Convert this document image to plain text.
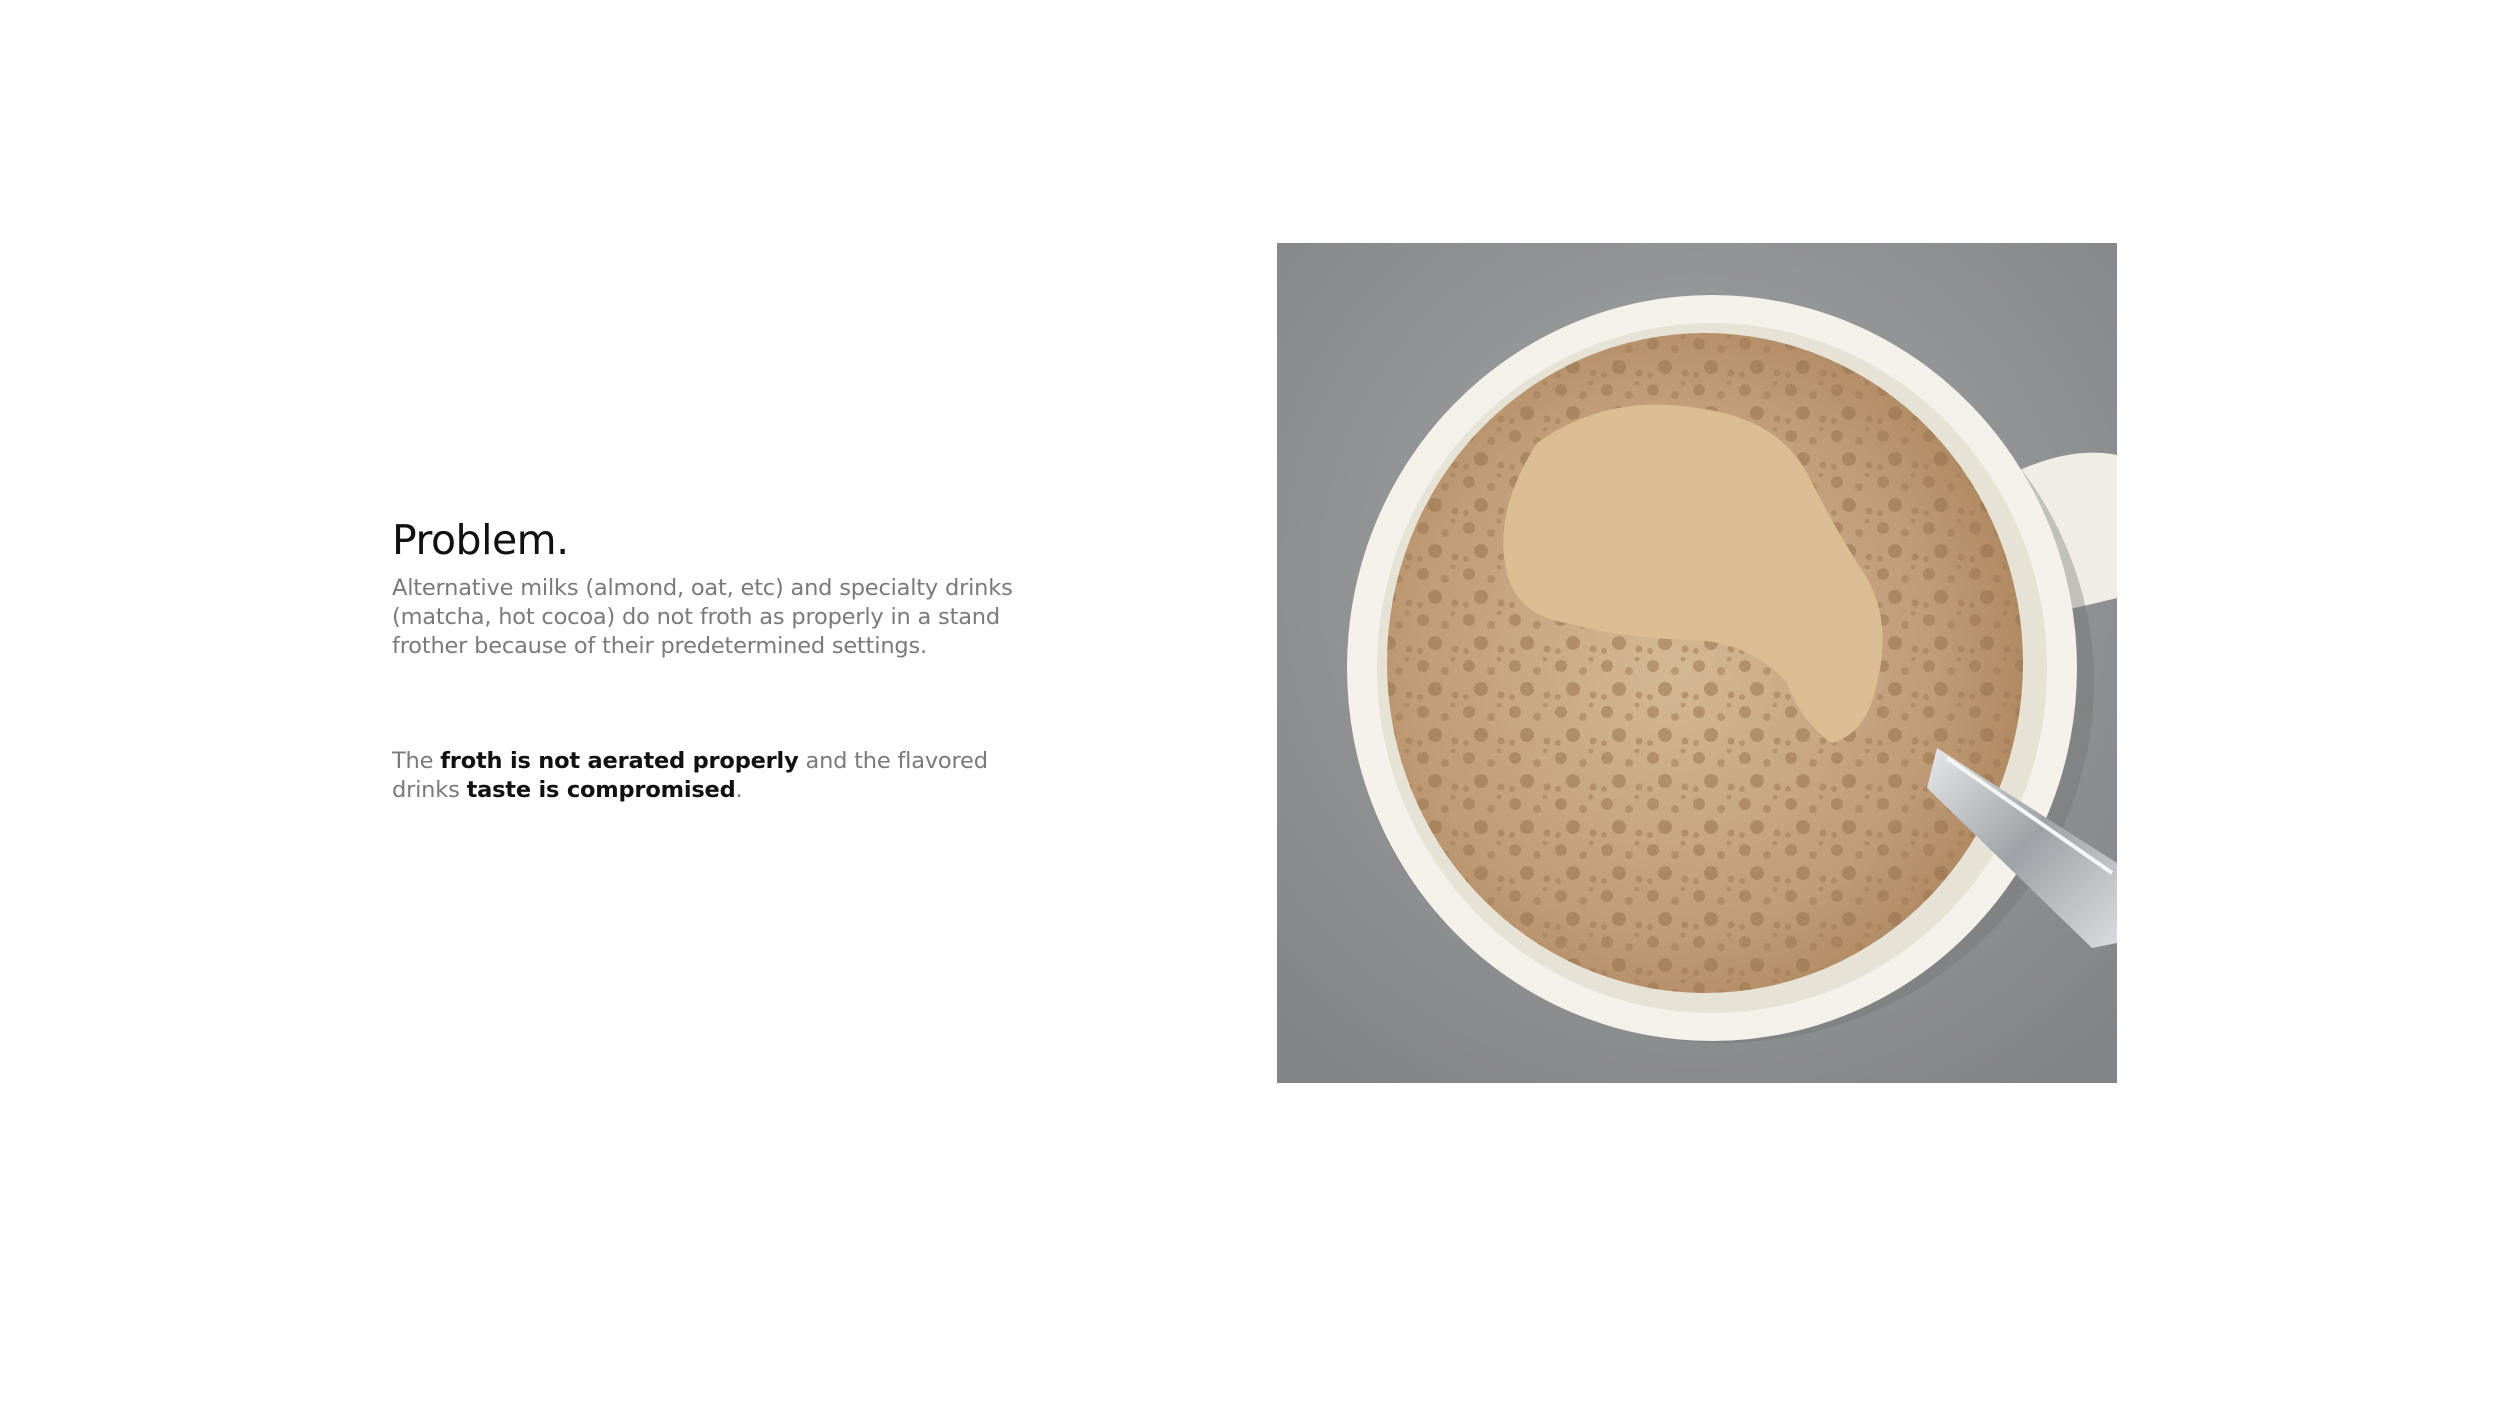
Problem.

Alternative milks (almond, oat, etc) and specialty drinks (matcha, hot cocoa) do not froth as properly in a stand frother because of their predetermined settings.

The froth is not aerated properly and the flavored drinks taste is compromised.
